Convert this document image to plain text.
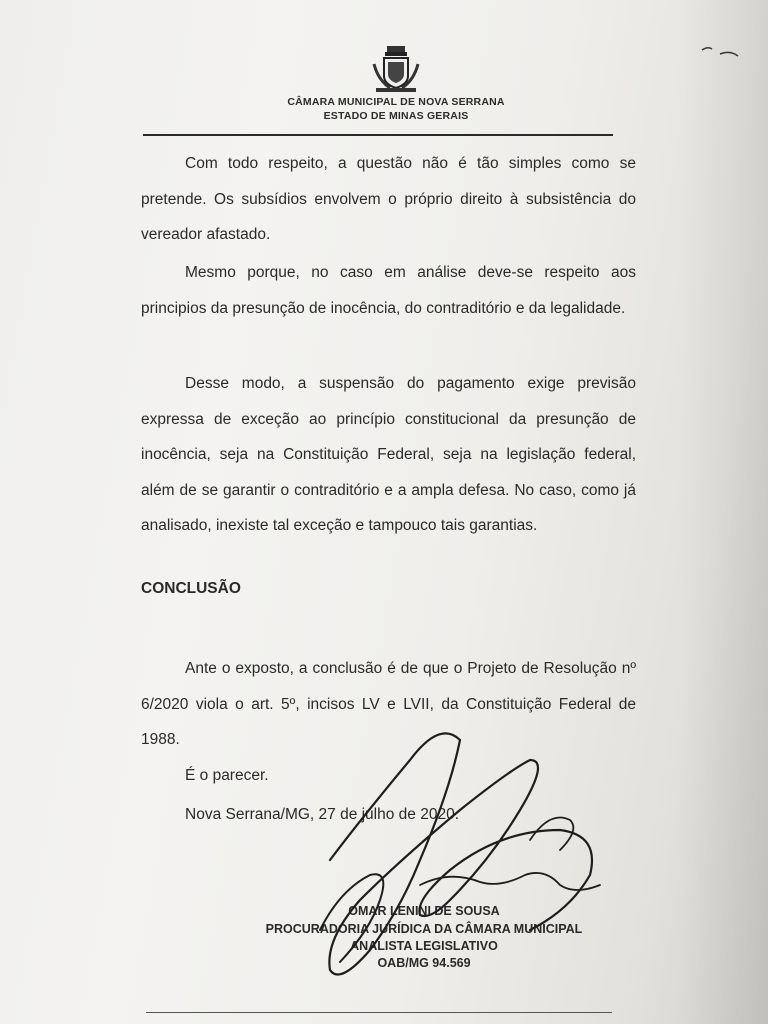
CÂMARA MUNICIPAL DE NOVA SERRANA
ESTADO DE MINAS GERAIS

Com todo respeito, a questão não é tão simples como se pretende. Os subsídios envolvem o próprio direito à subsistência do vereador afastado.

Mesmo porque, no caso em análise deve-se respeito aos principios da presunção de inocência, do contraditório e da legalidade.

Desse modo, a suspensão do pagamento exige previsão expressa de exceção ao princípio constitucional da presunção de inocência, seja na Constituição Federal, seja na legislação federal, além de se garantir o contraditório e a ampla defesa. No caso, como já analisado, inexiste tal exceção e tampouco tais garantias.

CONCLUSÃO

Ante o exposto, a conclusão é de que o Projeto de Resolução nº 6/2020 viola o art. 5º, incisos LV e LVII, da Constituição Federal de 1988.

É o parecer.
Nova Serrana/MG, 27 de julho de 2020.
OMAR LENINI DE SOUSA
PROCURADORIA JURÍDICA DA CÂMARA MUNICIPAL
ANALISTA LEGISLATIVO
OAB/MG 94.569
